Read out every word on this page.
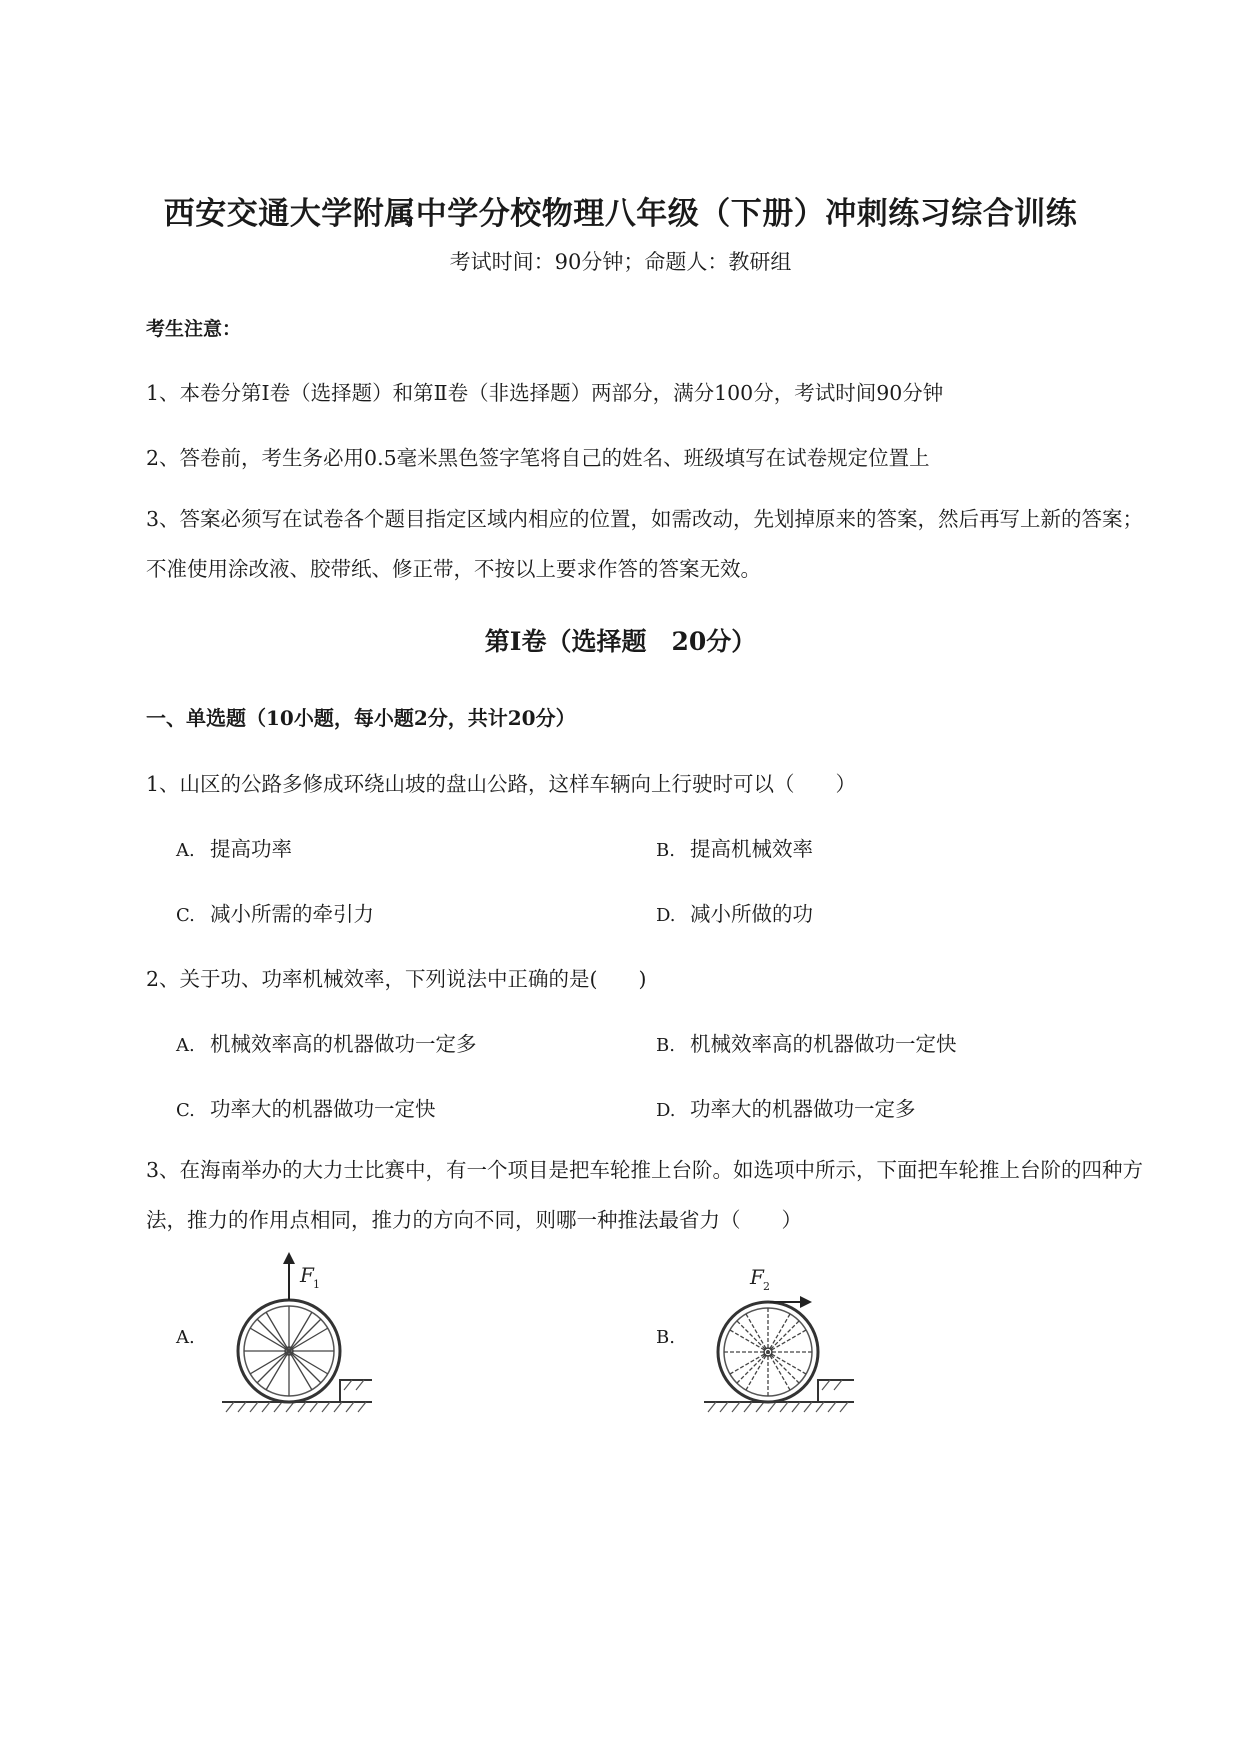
西安交通大学附属中学分校物理八年级（下册）冲刺练习综合训练
考试时间：90分钟；命题人：教研组
考生注意：
1、本卷分第Ⅰ卷（选择题）和第Ⅱ卷（非选择题）两部分，满分100分，考试时间90分钟
2、答卷前，考生务必用0.5毫米黑色签字笔将自己的姓名、班级填写在试卷规定位置上
3、答案必须写在试卷各个题目指定区域内相应的位置，如需改动，先划掉原来的答案，然后再写上新的答案；不准使用涂改液、胶带纸、修正带，不按以上要求作答的答案无效。
第Ⅰ卷（选择题　20分）
一、单选题（10小题，每小题2分，共计20分）
1、山区的公路多修成环绕山坡的盘山公路，这样车辆向上行驶时可以（　　）
A. 提高功率	B. 提高机械效率
C. 减小所需的牵引力	D. 减小所做的功
2、关于功、功率机械效率，下列说法中正确的是(　　)
A. 机械效率高的机器做功一定多	B. 机械效率高的机器做功一定快
C. 功率大的机器做功一定快	D. 功率大的机器做功一定多
3、在海南举办的大力士比赛中，有一个项目是把车轮推上台阶。如选项中所示，下面把车轮推上台阶的四种方法，推力的作用点相同，推力的方向不同，则哪一种推法最省力（　　）
A.
F 1
B.
F 2
